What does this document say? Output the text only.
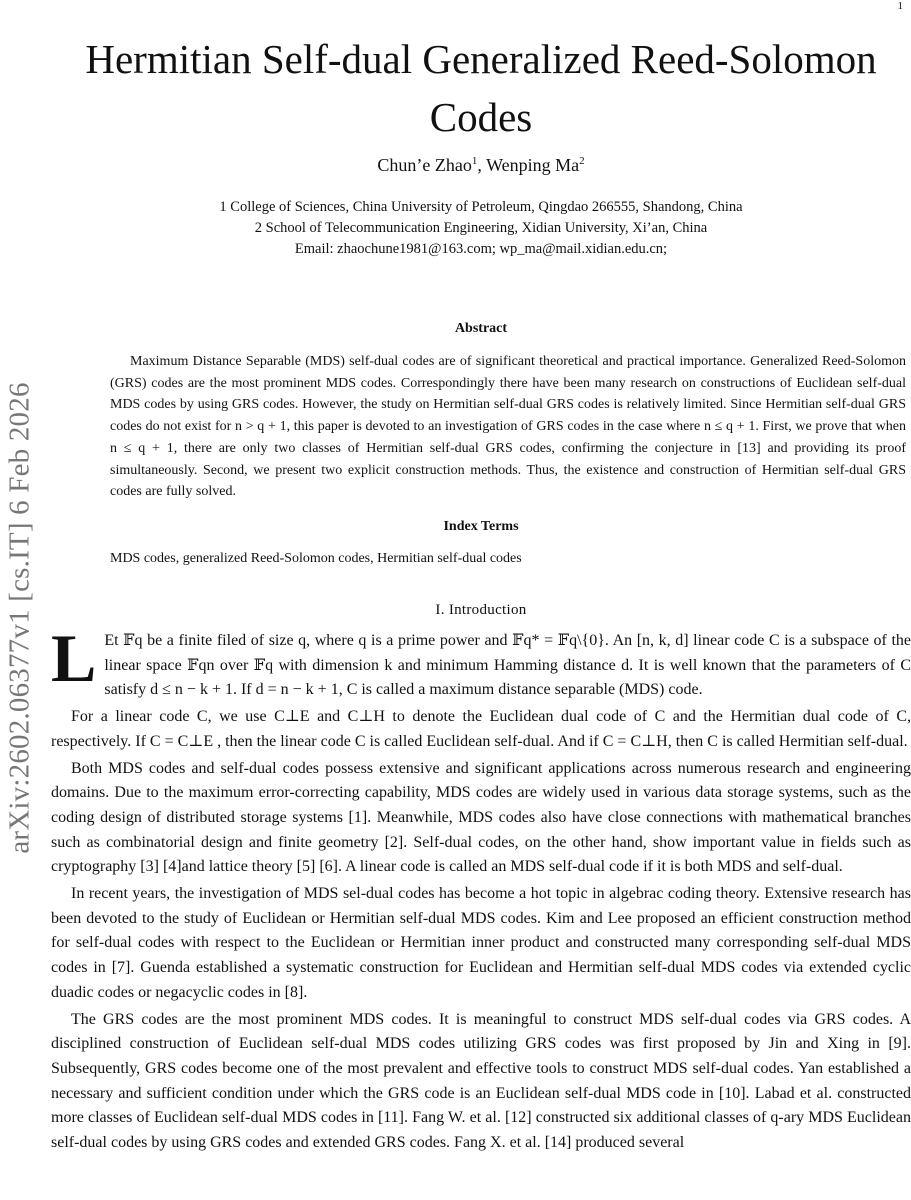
1
arXiv:2602.06377v1 [cs.IT] 6 Feb 2026
Hermitian Self-dual Generalized Reed-Solomon Codes
Chun’e Zhao$^1$, Wenping Ma$^2$
1 College of Sciences, China University of Petroleum, Qingdao 266555, Shandong, China
2 School of Telecommunication Engineering, Xidian University, Xi’an, China
Email: zhaochune1981@163.com; wp_ma@mail.xidian.edu.cn;
Abstract

Maximum Distance Separable (MDS) self-dual codes are of significant theoretical and practical importance. Generalized Reed-Solomon (GRS) codes are the most prominent MDS codes. Correspondingly there have been many research on constructions of Euclidean self-dual MDS codes by using GRS codes. However, the study on Hermitian self-dual GRS codes is relatively limited. Since Hermitian self-dual GRS codes do not exist for n > q + 1, this paper is devoted to an investigation of GRS codes in the case where n ≤ q + 1. First, we prove that when n ≤ q + 1, there are only two classes of Hermitian self-dual GRS codes, confirming the conjecture in [13] and providing its proof simultaneously. Second, we present two explicit construction methods. Thus, the existence and construction of Hermitian self-dual GRS codes are fully solved.

Index Terms
MDS codes, generalized Reed-Solomon codes, Hermitian self-dual codes
I. Introduction
L Et 𝔽q be a finite filed of size q, where q is a prime power and 𝔽q* = 𝔽q\{0}. An [n, k, d] linear code C is a subspace of the linear space 𝔽qn over 𝔽q with dimension k and minimum Hamming distance d. It is well known that the parameters of C satisfy d ≤ n − k + 1. If d = n − k + 1, C is called a maximum distance separable (MDS) code.

For a linear code C, we use C⊥E and C⊥H to denote the Euclidean dual code of C and the Hermitian dual code of C, respectively. If C = C⊥E , then the linear code C is called Euclidean self-dual. And if C = C⊥H, then C is called Hermitian self-dual.

Both MDS codes and self-dual codes possess extensive and significant applications across numerous research and engineering domains. Due to the maximum error-correcting capability, MDS codes are widely used in various data storage systems, such as the coding design of distributed storage systems [1]. Meanwhile, MDS codes also have close connections with mathematical branches such as combinatorial design and finite geometry [2]. Self-dual codes, on the other hand, show important value in fields such as cryptography [3] [4]and lattice theory [5] [6]. A linear code is called an MDS self-dual code if it is both MDS and self-dual.

In recent years, the investigation of MDS sel-dual codes has become a hot topic in algebrac coding theory. Extensive research has been devoted to the study of Euclidean or Hermitian self-dual MDS codes. Kim and Lee proposed an efficient construction method for self-dual codes with respect to the Euclidean or Hermitian inner product and constructed many corresponding self-dual MDS codes in [7]. Guenda established a systematic construction for Euclidean and Hermitian self-dual MDS codes via extended cyclic duadic codes or negacyclic codes in [8].

The GRS codes are the most prominent MDS codes. It is meaningful to construct MDS self-dual codes via GRS codes. A disciplined construction of Euclidean self-dual MDS codes utilizing GRS codes was first proposed by Jin and Xing in [9]. Subsequently, GRS codes become one of the most prevalent and effective tools to construct MDS self-dual codes. Yan established a necessary and sufficient condition under which the GRS code is an Euclidean self-dual MDS code in [10]. Labad et al. constructed more classes of Euclidean self-dual MDS codes in [11]. Fang W. et al. [12] constructed six additional classes of q-ary MDS Euclidean self-dual codes by using GRS codes and extended GRS codes. Fang X. et al. [14] produced several
